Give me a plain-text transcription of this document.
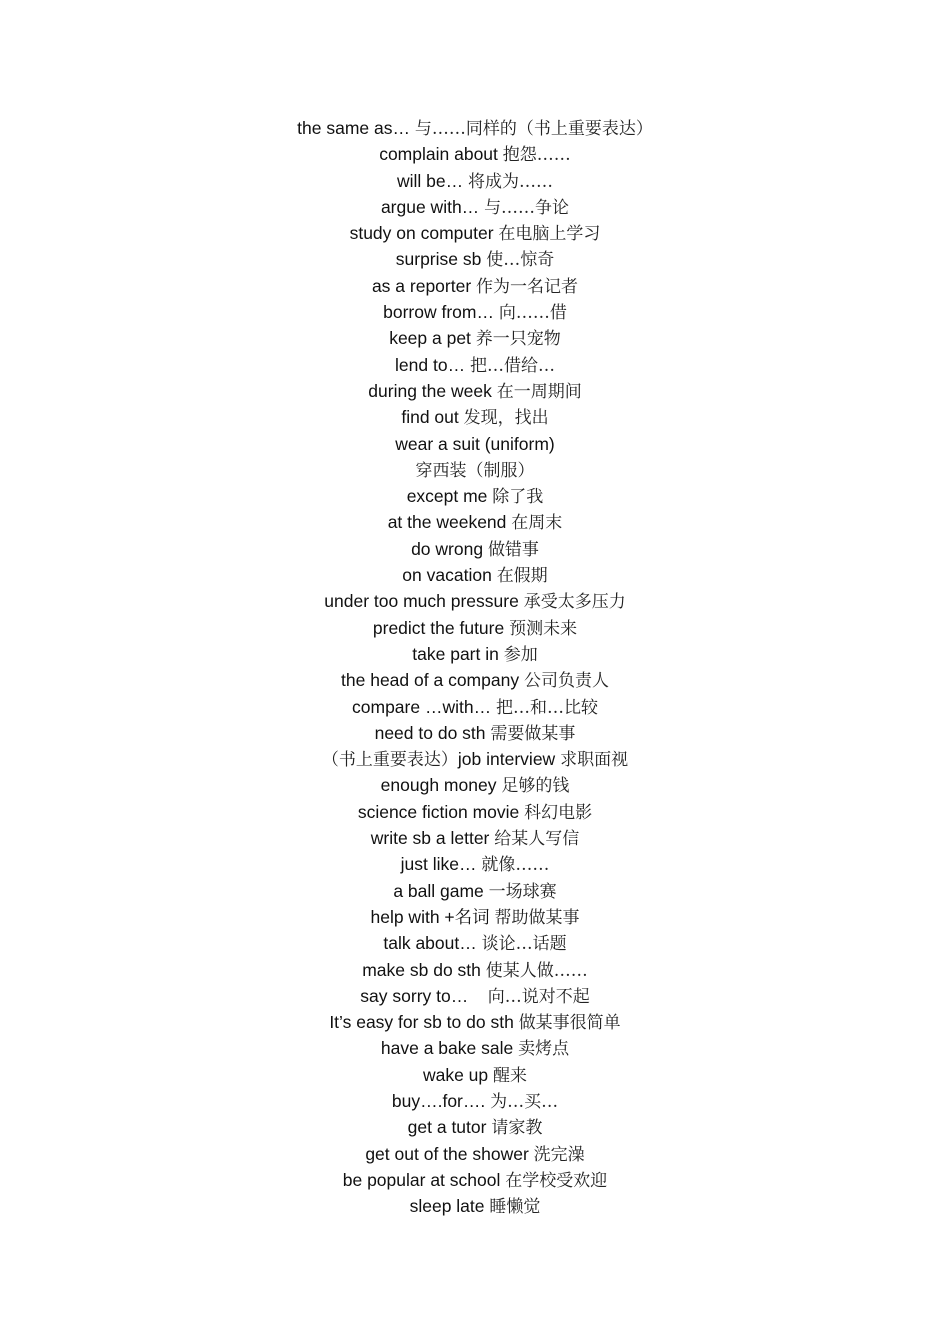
the same as… 与……同样的（书上重要表达）
complain about 抱怨……
will be… 将成为……
argue with… 与……争论
study on computer 在电脑上学习
surprise sb 使…惊奇
as a reporter 作为一名记者
borrow from… 向……借
keep a pet 养一只宠物
lend to… 把…借给…
during the week 在一周期间
find out 发现，找出
wear a suit (uniform)
穿西装（制服）
except me 除了我
at the weekend 在周末
do wrong 做错事
on vacation 在假期
under too much pressure 承受太多压力
predict the future 预测未来
take part in 参加
the head of a company 公司负责人
compare …with… 把…和…比较
need to do sth 需要做某事
（书上重要表达）job interview 求职面视
enough money 足够的钱
science fiction movie 科幻电影
write sb a letter 给某人写信
just like… 就像……
a ball game 一场球赛
help with +名词 帮助做某事
talk about… 谈论…话题
make sb do sth 使某人做……
say sorry to… 向…说对不起
It’s easy for sb to do sth 做某事很简单
have a bake sale 卖烤点
wake up 醒来
buy….for…. 为…买…
get a tutor 请家教
get out of the shower 洗完澡
be popular at school 在学校受欢迎
sleep late 睡懒觉
